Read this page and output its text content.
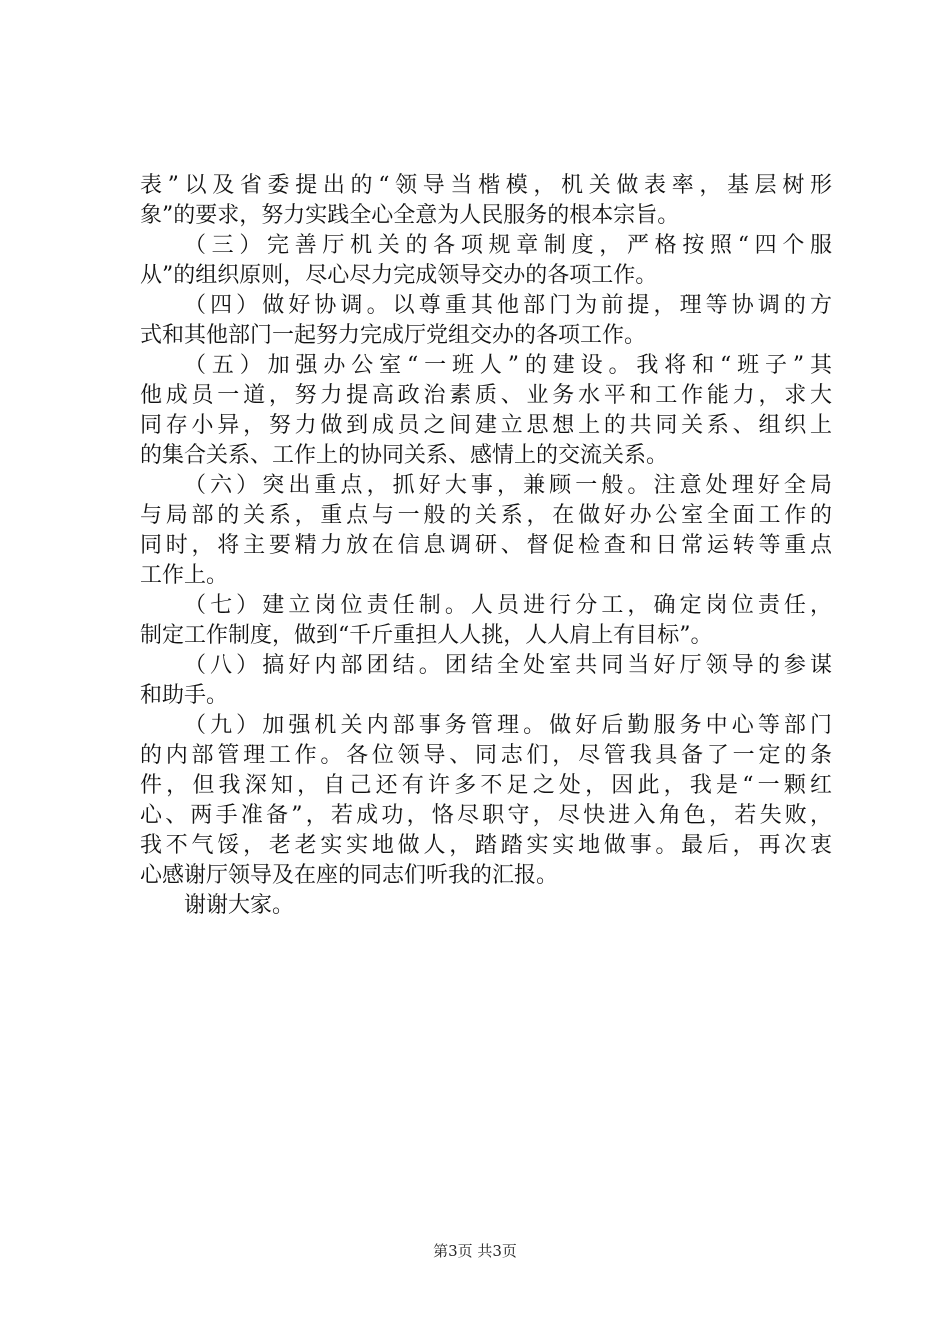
表”以及省委提出的“领导当楷模，机关做表率，基层树形
象”的要求，努力实践全心全意为人民服务的根本宗旨。
（三）完善厅机关的各项规章制度，严格按照“四个服
从”的组织原则，尽心尽力完成领导交办的各项工作。
（四）做好协调。以尊重其他部门为前提，理等协调的方
式和其他部门一起努力完成厅党组交办的各项工作。
（五）加强办公室“一班人”的建设。我将和“班子”其
他成员一道，努力提高政治素质、业务水平和工作能力，求大
同存小异，努力做到成员之间建立思想上的共同关系、组织上
的集合关系、工作上的协同关系、感情上的交流关系。
（六）突出重点，抓好大事，兼顾一般。注意处理好全局
与局部的关系，重点与一般的关系，在做好办公室全面工作的
同时，将主要精力放在信息调研、督促检查和日常运转等重点
工作上。
（七）建立岗位责任制。人员进行分工，确定岗位责任，
制定工作制度，做到“千斤重担人人挑，人人肩上有目标”。
（八）搞好内部团结。团结全处室共同当好厅领导的参谋
和助手。
（九）加强机关内部事务管理。做好后勤服务中心等部门
的内部管理工作。各位领导、同志们，尽管我具备了一定的条
件，但我深知，自己还有许多不足之处，因此，我是“一颗红
心、两手准备”，若成功，恪尽职守，尽快进入角色，若失败，
我不气馁，老老实实地做人，踏踏实实地做事。最后，再次衷
心感谢厅领导及在座的同志们听我的汇报。
谢谢大家。
第3页 共3页
